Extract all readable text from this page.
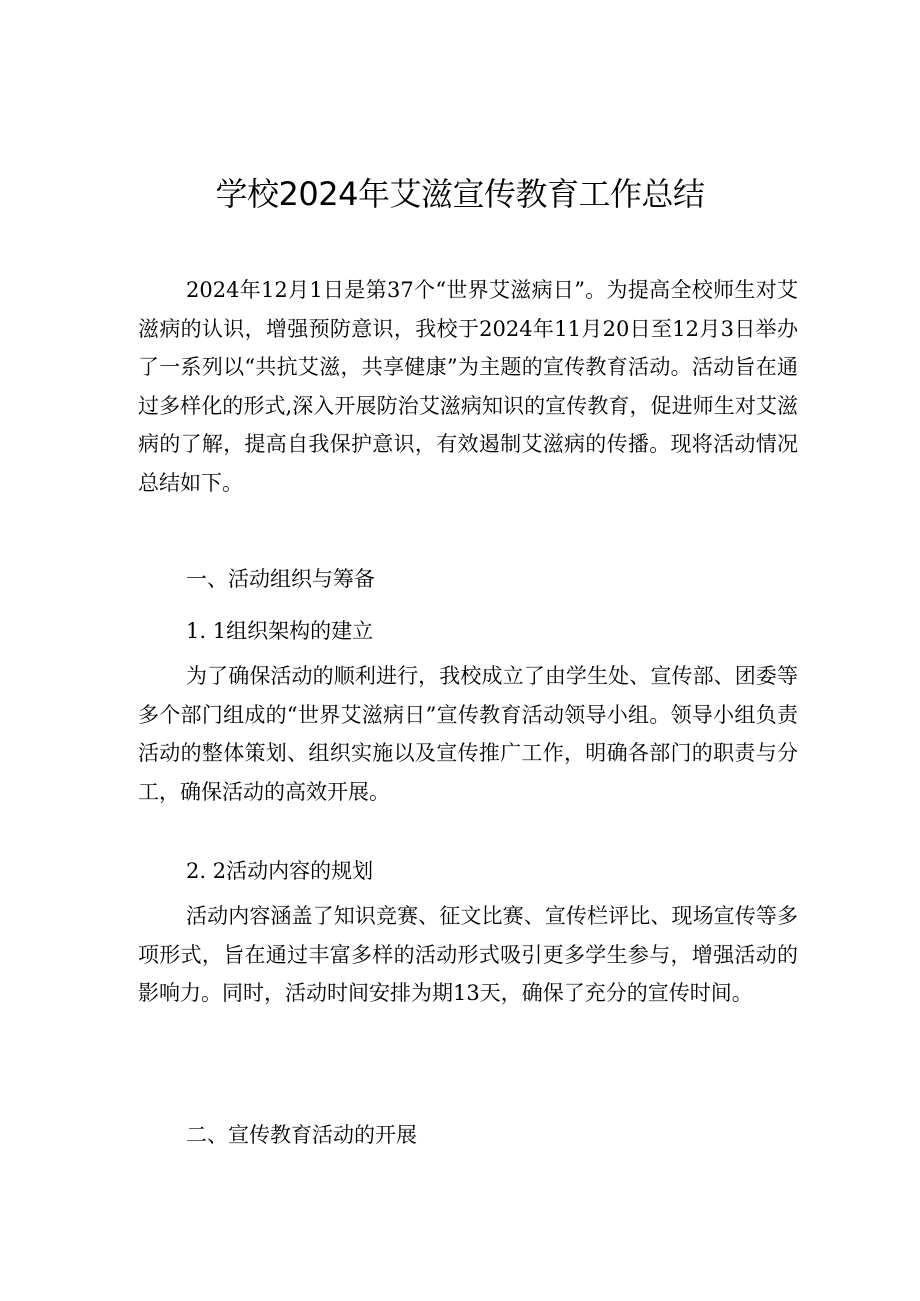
学校2024年艾滋宣传教育工作总结

2024年12月1日是第37个“世界艾滋病日”。为提高全校师生对艾滋病的认识，增强预防意识，我校于2024年11月20日至12月3日举办了一系列以“共抗艾滋，共享健康”为主题的宣传教育活动。活动旨在通过多样化的形式,深入开展防治艾滋病知识的宣传教育，促进师生对艾滋病的了解，提高自我保护意识，有效遏制艾滋病的传播。现将活动情况总结如下。

一、活动组织与筹备

1. 1组织架构的建立

为了确保活动的顺利进行，我校成立了由学生处、宣传部、团委等多个部门组成的“世界艾滋病日”宣传教育活动领导小组。领导小组负责活动的整体策划、组织实施以及宣传推广工作，明确各部门的职责与分工，确保活动的高效开展。

2. 2活动内容的规划

活动内容涵盖了知识竞赛、征文比赛、宣传栏评比、现场宣传等多项形式，旨在通过丰富多样的活动形式吸引更多学生参与，增强活动的影响力。同时，活动时间安排为期13天，确保了充分的宣传时间。

二、宣传教育活动的开展
